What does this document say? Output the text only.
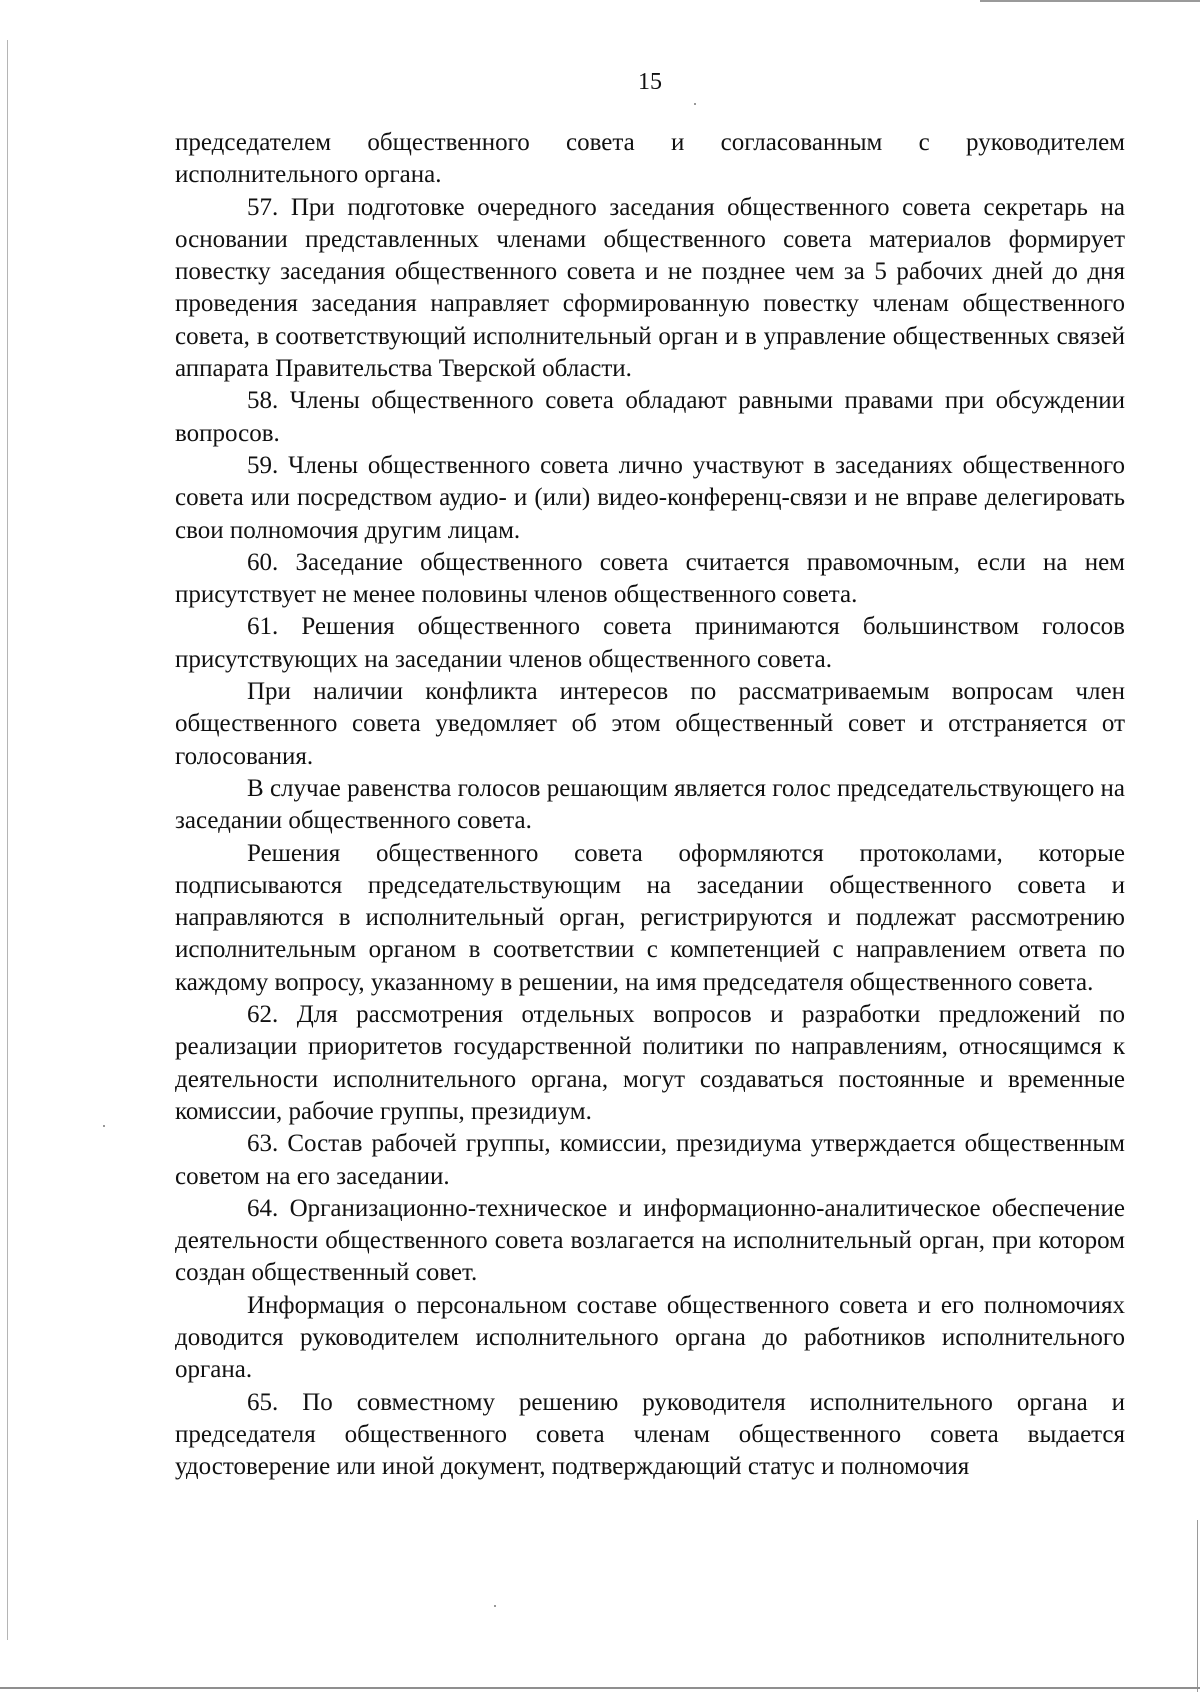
15

председателем общественного совета и согласованным с руководителем исполнительного органа.

57. При подготовке очередного заседания общественного совета секретарь на основании представленных членами общественного совета материалов формирует повестку заседания общественного совета и не позднее чем за 5 рабочих дней до дня проведения заседания направляет сформированную повестку членам общественного совета, в соответствующий исполнительный орган и в управление общественных связей аппарата Правительства Тверской области.

58. Члены общественного совета обладают равными правами при обсуждении вопросов.

59. Члены общественного совета лично участвуют в заседаниях общественного совета или посредством аудио- и (или) видео-конференц-связи и не вправе делегировать свои полномочия другим лицам.

60. Заседание общественного совета считается правомочным, если на нем присутствует не менее половины членов общественного совета.

61. Решения общественного совета принимаются большинством голосов присутствующих на заседании членов общественного совета.

При наличии конфликта интересов по рассматриваемым вопросам член общественного совета уведомляет об этом общественный совет и отстраняется от голосования.

В случае равенства голосов решающим является голос председательствующего на заседании общественного совета.

Решения общественного совета оформляются протоколами, которые подписываются председательствующим на заседании общественного совета и направляются в исполнительный орган, регистрируются и подлежат рассмотрению исполнительным органом в соответствии с компетенцией с направлением ответа по каждому вопросу, указанному в решении, на имя председателя общественного совета.

62. Для рассмотрения отдельных вопросов и разработки предложений по реализации приоритетов государственной политики по направлениям, относящимся к деятельности исполнительного органа, могут создаваться постоянные и временные комиссии, рабочие группы, президиум.

63. Состав рабочей группы, комиссии, президиума утверждается общественным советом на его заседании.

64. Организационно-техническое и информационно-аналитическое обеспечение деятельности общественного совета возлагается на исполнительный орган, при котором создан общественный совет.

Информация о персональном составе общественного совета и его полномочиях доводится руководителем исполнительного органа до работников исполнительного органа.

65. По совместному решению руководителя исполнительного органа и председателя общественного совета членам общественного совета выдается удостоверение или иной документ, подтверждающий статус и полномочия
